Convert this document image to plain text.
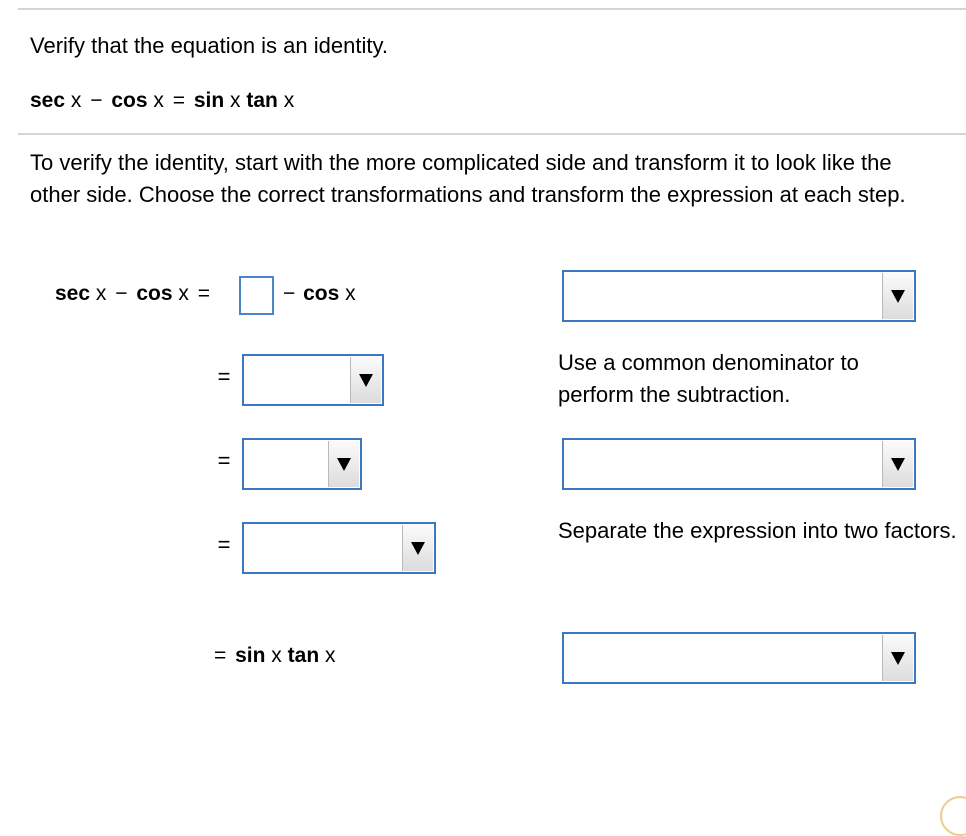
Verify that the equation is an identity.
sec x − cos x = sin x tan x
To verify the identity, start with the more complicated side and transform it to look like the other side. Choose the correct transformations and transform the expression at each step.
sec x − cos x =	− cos x
=
Use a common denominator to perform the subtraction.
=
=
Separate the expression into two factors.
= sin x tan x
